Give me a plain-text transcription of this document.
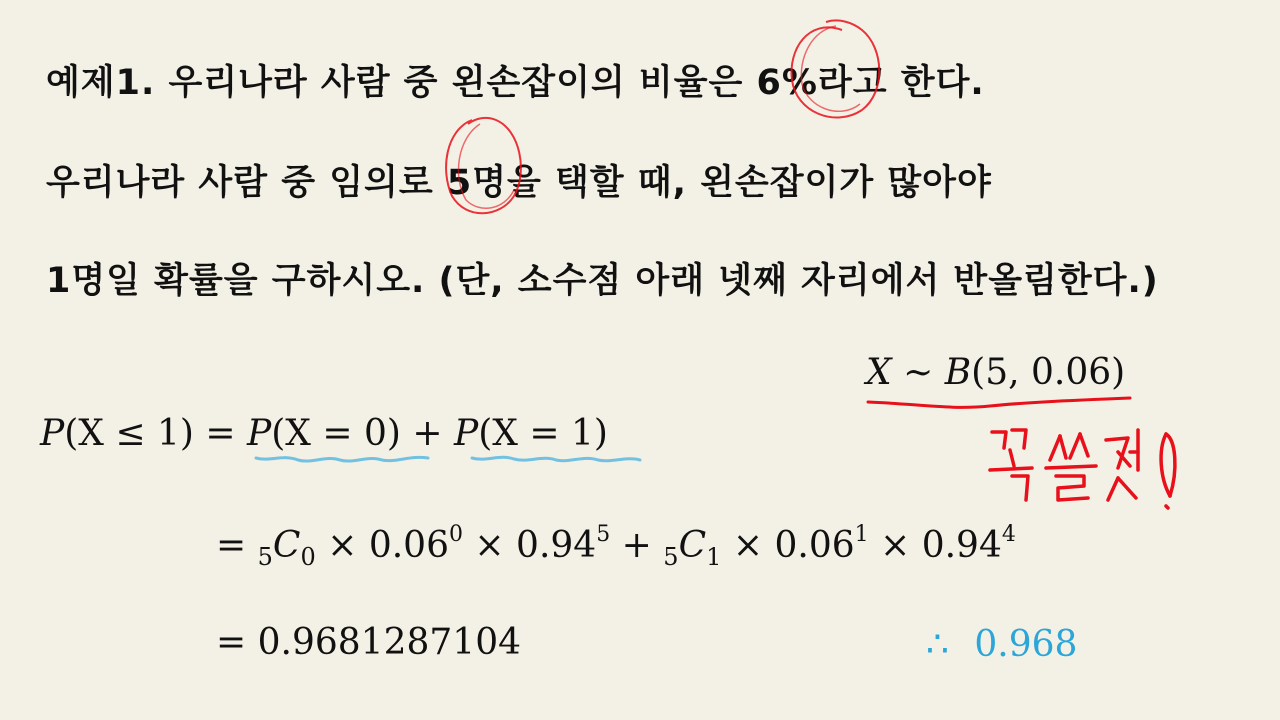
예제1. 우리나라 사람 중 왼손잡이의 비율은 6%라고 한다.
우리나라 사람 중 임의로 5명을 택할 때, 왼손잡이가 많아야
1명일 확률을 구하시오. (단, 소수점 아래 넷째 자리에서 반올림한다.)
X ∼ B(5, 0.06)
P(X ≤ 1) = P(X = 0) + P(X = 1)
= $_5C_0 \times 0.06^0 \times 0.94^5 + _5C_1 \times 0.06^1 \times 0.94^4$
= 0.9681287104	∴ 0.968
